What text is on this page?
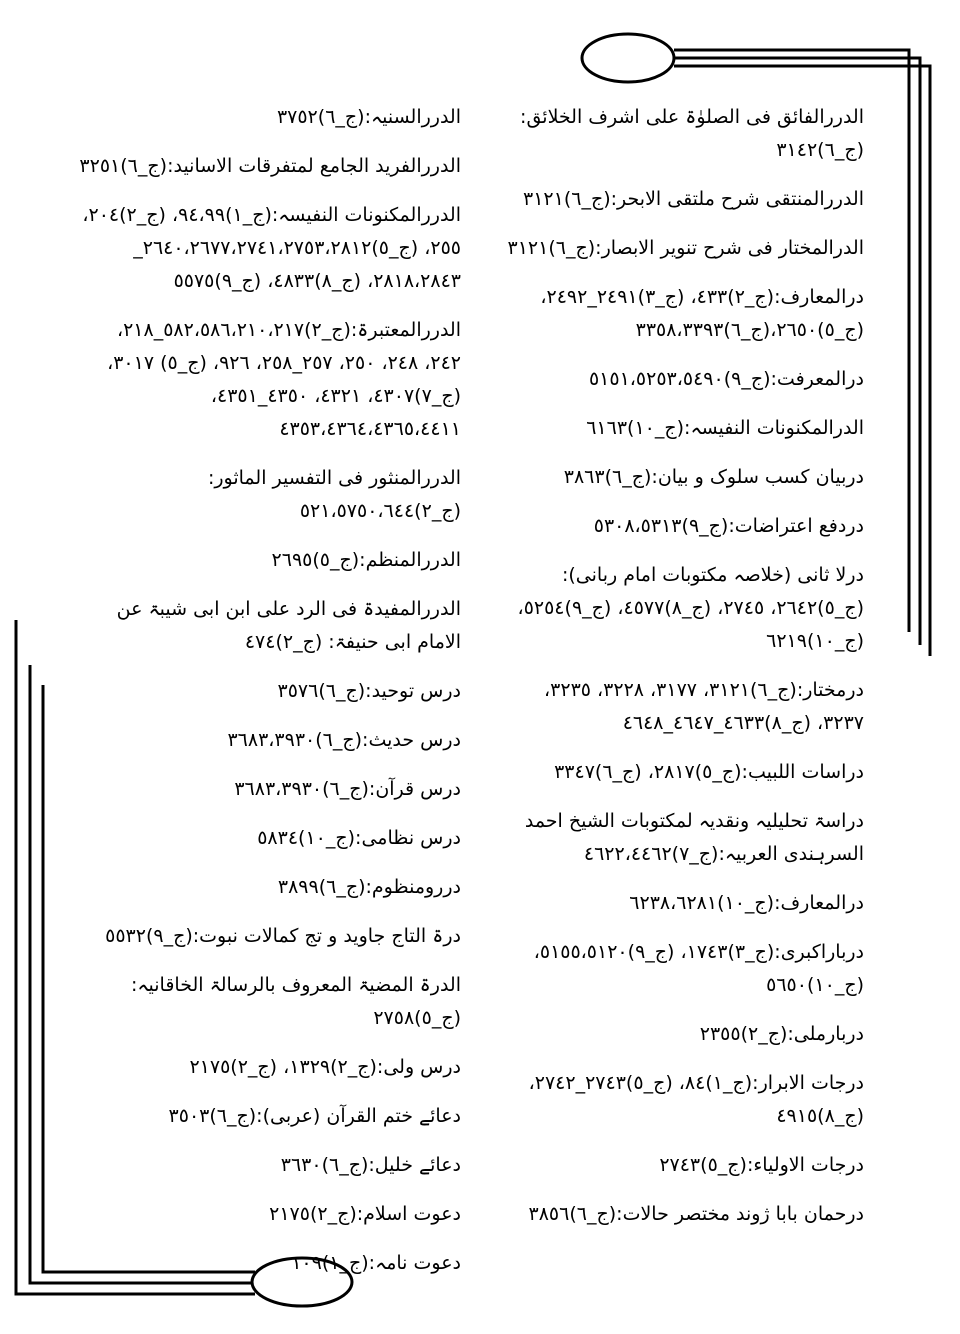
الدررالفائق فی الصلوٰۃ علی اشرف الخلائق:(ج_٦)٣١٤٢
الدررالمنتقی شرح ملتقی الابحر:(ج_٦)٣١٢١
الدرالمختار فی شرح تنویر الابصار:(ج_٦)٣١٢١
درالمعارف:(ج_٢)٤٣٣، (ج_٣)٢٤٩١_٢٤٩٢، (ج_٥)٢٦٥٠،(ج_٦)٣٣٥٨،٣٣٩٣
درالمعرفت:(ج_٩)٥١٥١،٥٢٥٣،٥٤٩٠
الدرالمکنونات النفیسہ:(ج_١٠)٦١٦٣
دربیان کسب سلوک و بیان:(ج_٦)٣٨٦٣
دردفع اعتراضات:(ج_٩)٥٣٠٨،٥٣١٣
درلا ثانی (خلاصہ مکتوبات امام ربانی):(ج_٥)٢٦٤٢، ٢٧٤٥، (ج_٨)٤٥٧٧، (ج_٩)٥٢٥٤، (ج_١٠)٦٢١٩
درمختار:(ج_٦)٣١٢١، ٣١٧٧، ٣٢٢٨، ٣٢٣٥، ٣٢٣٧، (ج_٨)٤٦٣٣_٤٦٤٧_٤٦٤٨
دراسات اللبیب:(ج_٥)٢٨١٧، (ج_٦)٣٣٤٧
دراسۃ تحلیلیہ ونقدیہ لمکتوبات الشیخ احمد السرہندی العربیہ:(ج_٧)٤٦٢٢،٤٤٦٢
درالمعارف:(ج_١٠)٦٢٣٨،٦٢٨١
درباراکبری:(ج_٣)١٧٤٣، (ج_٩)٥١٥٥،٥١٢٠، (ج_١٠)٥٦٥٠
دربارملی:(ج_٢)٢٣٥٥
درجات الابرار:(ج_١)٨٤، (ج_٥)٢٧٤٣_٢٧٤٢، (ج_٨)٤٩١٥
درجات الاولیاء:(ج_٥)٢٧٤٣
درحمان بابا ژوند مختصر حالات:(ج_٦)٣٨٥٦
الدررالسنیہ:(ج_٦)٣٧٥٢
الدررالفرید الجامع لمتفرقات الاسانید:(ج_٦)٣٢٥١
الدررالمکنونات النفیسہ:(ج_١)٩٤،٩٩، (ج_٢)٢٠٤، ٢٥٥، (ج_٥)٢٦٤٠،٢٦٧٧،٢٧٤١،٢٧٥٣،٢٨١٢_ ٢٨١٨،٢٨٤٣، (ج_٨)٤٨٣٣، (ج_٩)٥٥٧٥
الدررالمعتبرۃ:(ج_٢)٥٨٢،٥٨٦،٢١٠،٢١٧_٢١٨، ٢٤٢، ٢٤٨، ٢٥٠، ٢٥٧_٢٥٨، ٩٢٦، (ج_٥) ٣٠١٧، (ج_٧)٤٣٠٧، ٤٣٢١، ٤٣٥٠_٤٣٥١، ٤٣٥٣،٤٣٦٤،٤٣٦٥،٤٤١١
الدررالمنثور فی التفسیر الماثور:(ج_٢)٥٢١،٥٧٥٠،٦٤٤
الدررالمنظم:(ج_٥)٢٦٩٥
الدررالمفیدۃ فی الرد علی ابن ابی شیبۃ عن الامام ابی حنیفۃ: (ج_٢)٤٧٤
درس توحید:(ج_٦)٣٥٧٦
درس حدیث:(ج_٦)٣٦٨٣،٣٩٣٠
درس قرآن:(ج_٦)٣٦٨٣،٣٩٣٠
درس نظامی:(ج_١٠)٥٨٣٤
دررومنظوم:(ج_٦)٣٨٩٩
درۃ التاج جاوید و تج کمالات نبوت:(ج_٩)٥٥٣٢
الدرۃ المضیۃ المعروف بالرسالۃ الخاقانیہ:(ج_٥)٢٧٥٨
درس ولی:(ج_٢)١٣٢٩، (ج_٢)٢١٧٥
دعائے ختم القرآن (عربی):(ج_٦)٣٥٠٣
دعائے خلیل:(ج_٦)٣٦٣٠
دعوت اسلام:(ج_٢)٢١٧٥
دعوت نامہ:(ج_١)١٠٩
